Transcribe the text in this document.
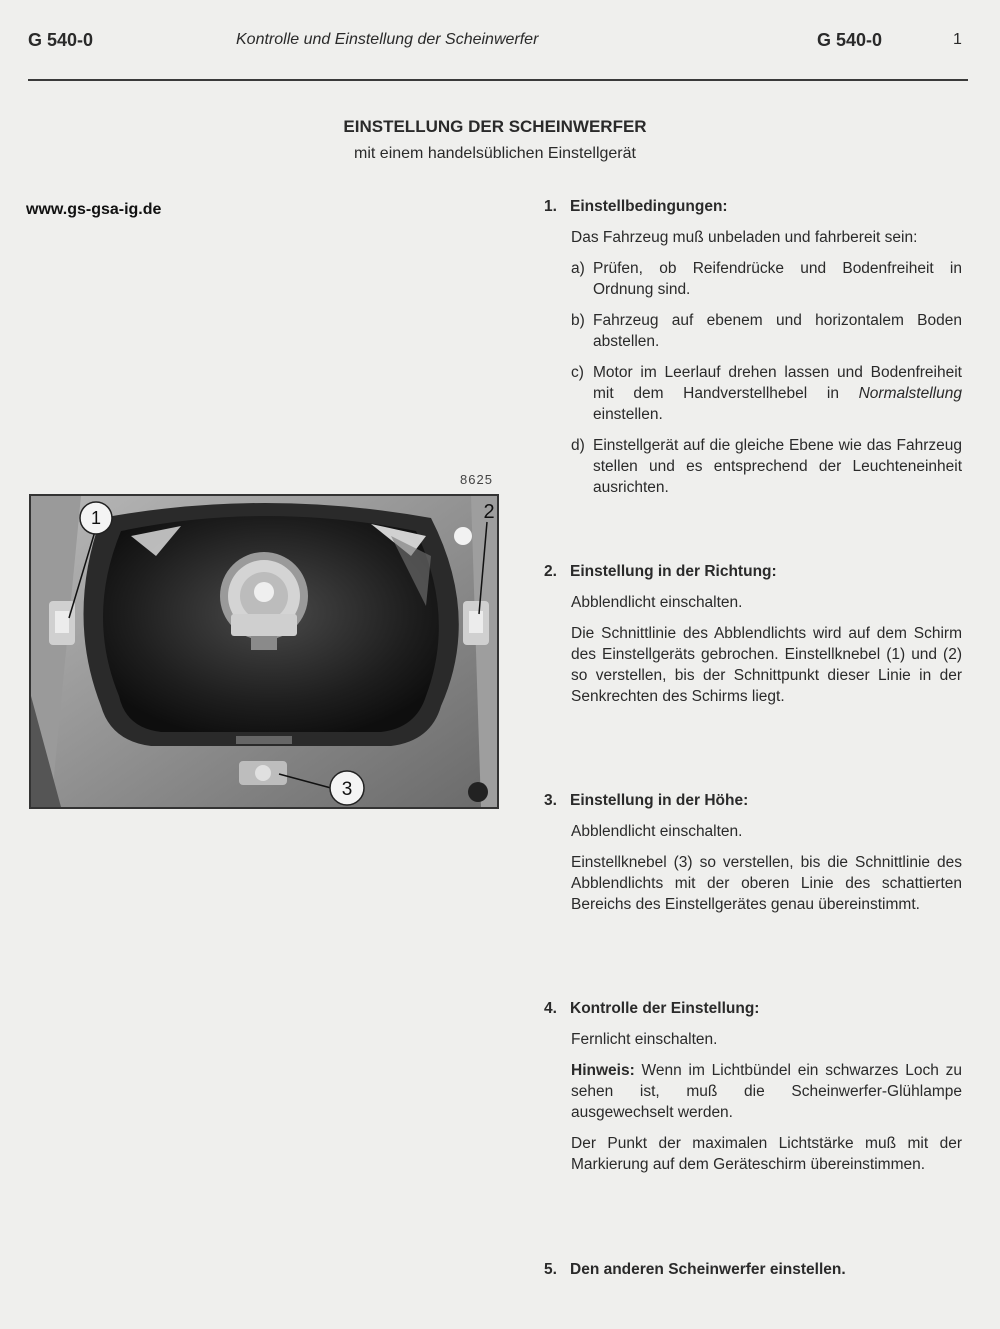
G 540-0	Kontrolle und Einstellung der Scheinwerfer	G 540-0	1
EINSTELLUNG DER SCHEINWERFER
mit einem handelsüblichen Einstellgerät
www.gs-gsa-ig.de
8625
1	2
3
1. Einstellbedingungen:

Das Fahrzeug muß unbeladen und fahrbereit sein:

a) Prüfen, ob Reifendrücke und Bodenfreiheit in Ordnung sind.
b) Fahrzeug auf ebenem und horizontalem Boden abstellen.
c) Motor im Leerlauf drehen lassen und Bodenfreiheit mit dem Handverstellhebel in Normalstellung einstellen.
d) Einstellgerät auf die gleiche Ebene wie das Fahrzeug stellen und es entsprechend der Leuchteneinheit ausrichten.
2. Einstellung in der Richtung:

Abblendlicht einschalten.

Die Schnittlinie des Abblendlichts wird auf dem Schirm des Einstellgeräts gebrochen. Einstellknebel (1) und (2) so verstellen, bis der Schnittpunkt dieser Linie in der Senkrechten des Schirms liegt.

3. Einstellung in der Höhe:

Abblendlicht einschalten.

Einstellknebel (3) so verstellen, bis die Schnittlinie des Abblendlichts mit der oberen Linie des schattierten Bereichs des Einstellgerätes genau übereinstimmt.

4. Kontrolle der Einstellung:

Fernlicht einschalten.

Hinweis: Wenn im Lichtbündel ein schwarzes Loch zu sehen ist, muß die Scheinwerfer-Glühlampe ausgewechselt werden.

Der Punkt der maximalen Lichtstärke muß mit der Markierung auf dem Geräteschirm übereinstimmen.

5. Den anderen Scheinwerfer einstellen.
